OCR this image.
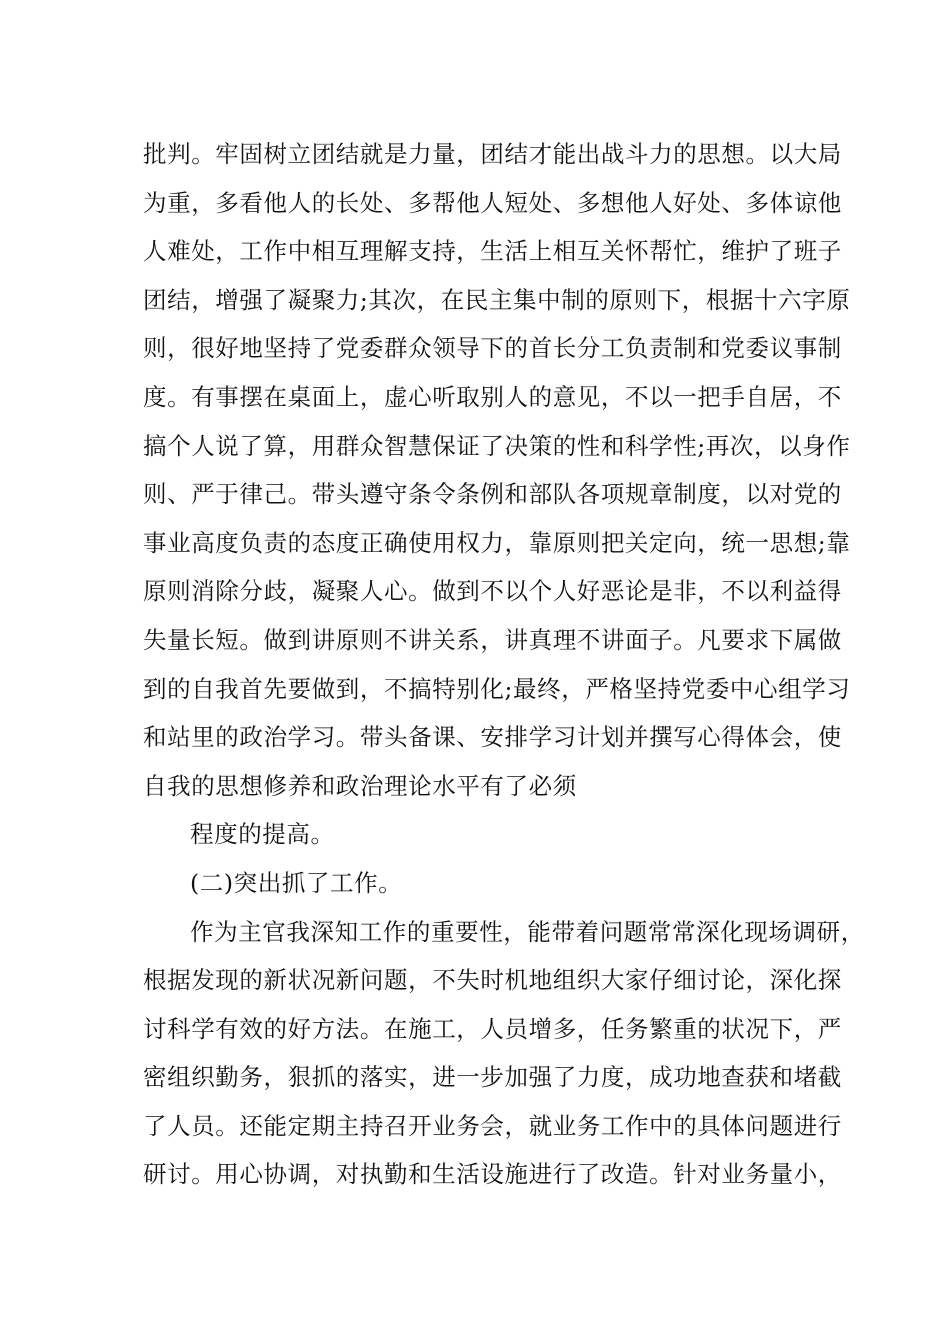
批判。牢固树立团结就是力量，团结才能出战斗力的思想。以大局
为重，多看他人的长处、多帮他人短处、多想他人好处、多体谅他
人难处，工作中相互理解支持，生活上相互关怀帮忙，维护了班子
团结，增强了凝聚力;其次，在民主集中制的原则下，根据十六字原
则，很好地坚持了党委群众领导下的首长分工负责制和党委议事制
度。有事摆在桌面上，虚心听取别人的意见，不以一把手自居，不
搞个人说了算，用群众智慧保证了决策的性和科学性;再次，以身作
则、严于律己。带头遵守条令条例和部队各项规章制度，以对党的
事业高度负责的态度正确使用权力，靠原则把关定向，统一思想;靠
原则消除分歧，凝聚人心。做到不以个人好恶论是非，不以利益得
失量长短。做到讲原则不讲关系，讲真理不讲面子。凡要求下属做
到的自我首先要做到，不搞特别化;最终，严格坚持党委中心组学习
和站里的政治学习。带头备课、安排学习计划并撰写心得体会，使
自我的思想修养和政治理论水平有了必须
程度的提高。
(二)突出抓了工作。
作为主官我深知工作的重要性，能带着问题常常深化现场调研，
根据发现的新状况新问题，不失时机地组织大家仔细讨论，深化探
讨科学有效的好方法。在施工，人员增多，任务繁重的状况下，严
密组织勤务，狠抓的落实，进一步加强了力度，成功地查获和堵截
了人员。还能定期主持召开业务会，就业务工作中的具体问题进行
研讨。用心协调，对执勤和生活设施进行了改造。针对业务量小，
